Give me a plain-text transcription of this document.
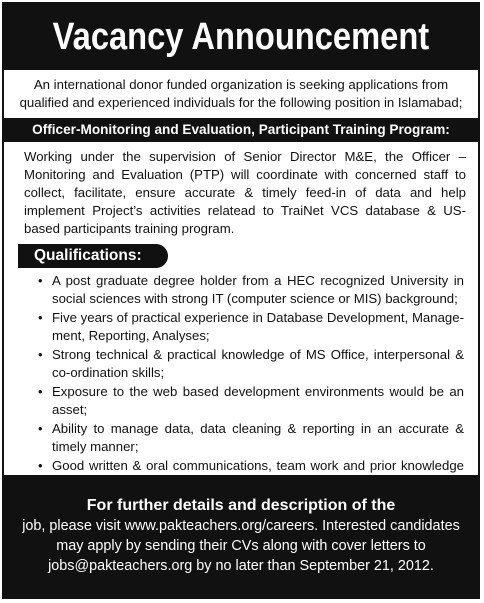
Vacancy Announcement
An international donor funded organization is seeking applications from qualified and experienced individuals for the following position in Islamabad;
Officer-Monitoring and Evaluation, Participant Training Program:
Working under the supervision of Senior Director M&E, the Officer – Monitoring and Evaluation (PTP) will coordinate with concerned staff to collect, facilitate, ensure accurate & timely feed-in of data and help implement Project’s activities relatead to TraiNet VCS database & US-based participants training program.
Qualifications:
• A post graduate degree holder from a HEC recognized University in social sciences with strong IT (computer science or MIS) background;
• Five years of practical experience in Database Development, Manage-ment, Reporting, Analyses;
• Strong technical & practical knowledge of MS Office, interpersonal & co-ordination skills;
• Exposure to the web based development environments would be an asset;
• Ability to manage data, data cleaning & reporting in an accurate & timely manner;
• Good written & oral communications, team work and prior knowledge
For further details and description of the
job, please visit www.pakteachers.org/careers. Interested candidates may apply by sending their CVs along with cover letters to jobs@pakteachers.org by no later than September 21, 2012.
